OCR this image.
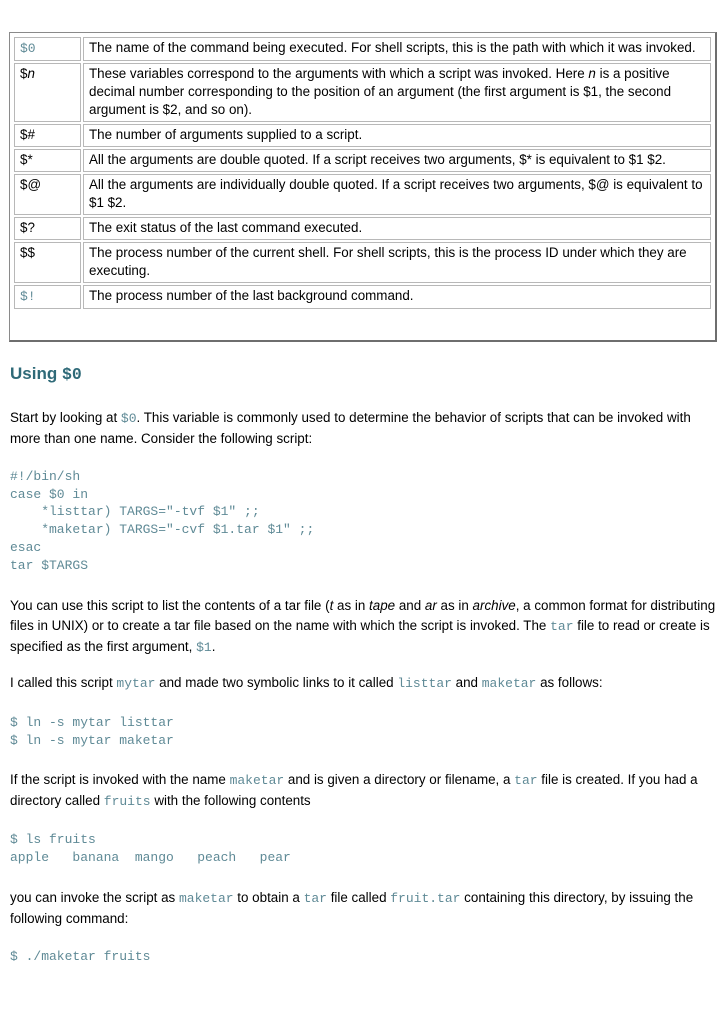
$0	The name of the command being executed. For shell scripts, this is the path with which it was invoked.
$n	These variables correspond to the arguments with which a script was invoked. Here n is a positive decimal number corresponding to the position of an argument (the first argument is $1, the second argument is $2, and so on).
$#	The number of arguments supplied to a script.
$*	All the arguments are double quoted. If a script receives two arguments, $* is equivalent to $1 $2.
$@	All the arguments are individually double quoted. If a script receives two arguments, $@ is equivalent to $1 $2.
$?	The exit status of the last command executed.
$$	The process number of the current shell. For shell scripts, this is the process ID under which they are executing.
$!	The process number of the last background command.
Using $0
Start by looking at $0. This variable is commonly used to determine the behavior of scripts that can be invoked with more than one name. Consider the following script:
#!/bin/sh
case $0 in
*listtar) TARGS="-tvf $1" ;;
*maketar) TARGS="-cvf $1.tar $1" ;;
esac
tar $TARGS
You can use this script to list the contents of a tar file (t as in tape and ar as in archive, a common format for distributing files in UNIX) or to create a tar file based on the name with which the script is invoked. The tar file to read or create is specified as the first argument, $1.
I called this script mytar and made two symbolic links to it called listtar and maketar as follows:
$ ln -s mytar listtar
$ ln -s mytar maketar
If the script is invoked with the name maketar and is given a directory or filename, a tar file is created. If you had a directory called fruits with the following contents
$ ls fruits
apple   banana  mango   peach   pear
you can invoke the script as maketar to obtain a tar file called fruit.tar containing this directory, by issuing the following command:
$ ./maketar fruits
